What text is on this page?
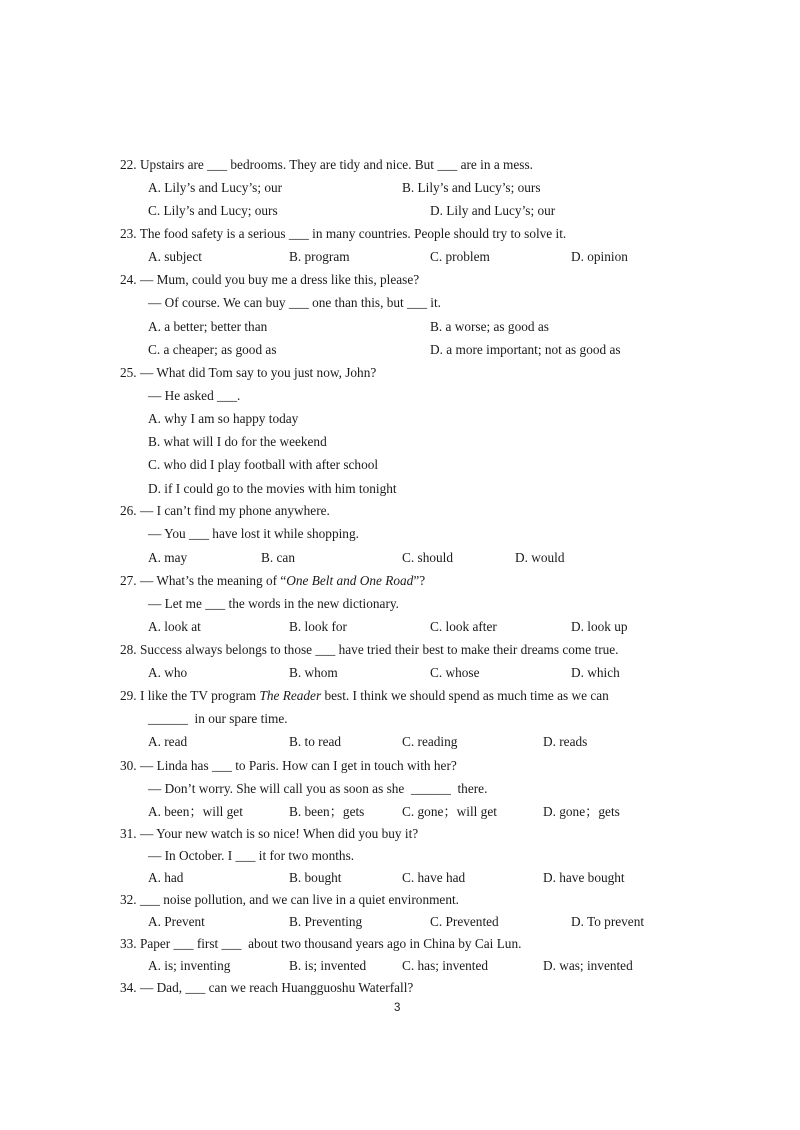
22. Upstairs are ___ bedrooms. They are tidy and nice. But ___ are in a mess.
A. Lily’s and Lucy’s; our	B. Lily’s and Lucy’s; ours
C. Lily’s and Lucy; ours	D. Lily and Lucy’s; our
23. The food safety is a serious ___ in many countries. People should try to solve it.
A. subject	B. program	C. problem	D. opinion
24. — Mum, could you buy me a dress like this, please?
— Of course. We can buy ___ one than this, but ___ it.
A. a better; better than	B. a worse; as good as
C. a cheaper; as good as	D. a more important; not as good as
25. — What did Tom say to you just now, John?
— He asked ___.
A. why I am so happy today
B. what will I do for the weekend
C. who did I play football with after school
D. if I could go to the movies with him tonight
26. — I can’t find my phone anywhere.
— You ___ have lost it while shopping.
A. may	B. can	C. should	D. would
27. — What’s the meaning of “One Belt and One Road”?
— Let me ___ the words in the new dictionary.
A. look at	B. look for	C. look after	D. look up
28. Success always belongs to those ___ have tried their best to make their dreams come true.
A. who	B. whom	C. whose	D. which
29. I like the TV program The Reader best. I think we should spend as much time as we can
______  in our spare time.
A. read	B. to read	C. reading	D. reads
30. — Linda has ___ to Paris. How can I get in touch with her?
— Don’t worry. She will call you as soon as she  ______  there.
A. been；will get	B. been；gets	C. gone；will get	D. gone；gets
31. — Your new watch is so nice! When did you buy it?
— In October. I ___ it for two months.
A. had	B. bought	C. have had	D. have bought
32. ___ noise pollution, and we can live in a quiet environment.
A. Prevent	B. Preventing	C. Prevented	D. To prevent
33. Paper ___ first ___  about two thousand years ago in China by Cai Lun.
A. is; inventing	B. is; invented	C. has; invented	D. was; invented
34. — Dad, ___ can we reach Huangguoshu Waterfall?
3
